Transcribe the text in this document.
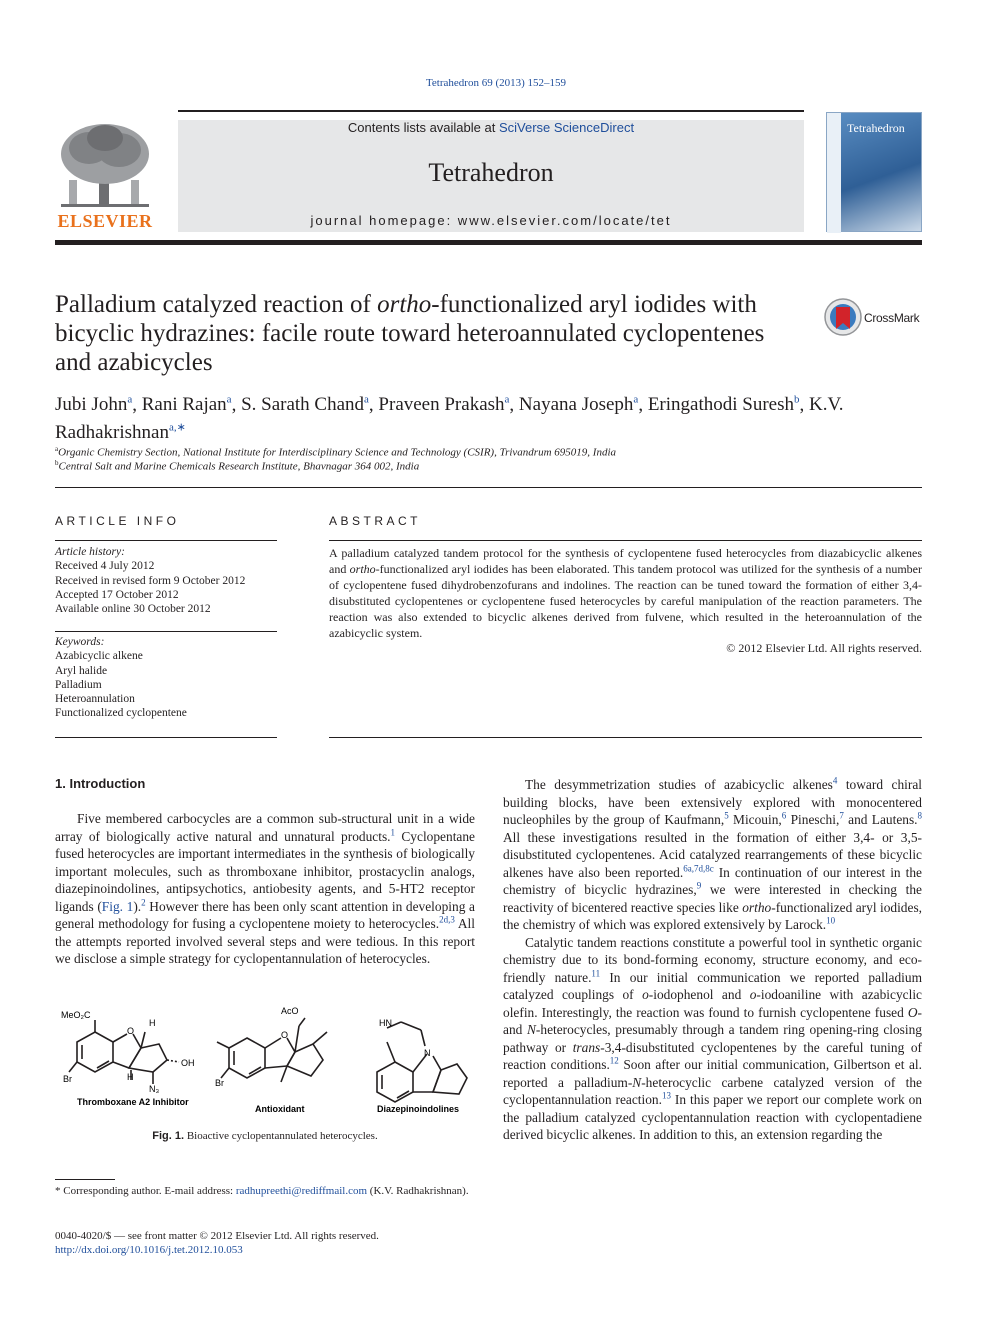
Tetrahedron 69 (2013) 152–159
ELSEVIER
Contents lists available at SciVerse ScienceDirect
Tetrahedron
journal homepage: www.elsevier.com/locate/tet
Tetrahedron
Palladium catalyzed reaction of ortho-functionalized aryl iodides with bicyclic hydrazines: facile route toward heteroannulated cyclopentenes and azabicycles
CrossMark
Jubi John$^a$, Rani Rajan$^a$, S. Sarath Chand$^a$, Praveen Prakash$^a$, Nayana Joseph$^a$, Eringathodi Suresh$^b$, K.V. Radhakrishnan$^{a,∗}$
$^a$Organic Chemistry Section, National Institute for Interdisciplinary Science and Technology (CSIR), Trivandrum 695019, India
$^b$Central Salt and Marine Chemicals Research Institute, Bhavnagar 364 002, India
ARTICLE INFO
Article history:
Received 4 July 2012
Received in revised form 9 October 2012
Accepted 17 October 2012
Available online 30 October 2012
Keywords:
Azabicyclic alkene
Aryl halide
Palladium
Heteroannulation
Functionalized cyclopentene
ABSTRACT
A palladium catalyzed tandem protocol for the synthesis of cyclopentene fused heterocycles from diazabicyclic alkenes and ortho-functionalized aryl iodides has been elaborated. This tandem protocol was utilized for the synthesis of a number of cyclopentene fused dihydrobenzofurans and indolines. The reaction can be tuned toward the formation of either 3,4-disubstituted cyclopentenes or cyclopentene fused heterocycles by careful manipulation of the reaction parameters. The reaction was also extended to bicyclic alkenes derived from fulvene, which resulted in the heteroannulation of the azabicyclic system.
© 2012 Elsevier Ltd. All rights reserved.
1. Introduction

Five membered carbocycles are a common sub-structural unit in a wide array of biologically active natural and unnatural products.$^1$ Cyclopentane fused heterocycles are important intermediates in the synthesis of biologically important molecules, such as thromboxane inhibitor, prostacyclin analogs, diazepinoindolines, antipsychotics, antiobesity agents, and 5-HT2 receptor ligands (Fig. 1).$^2$ However there has been only scant attention in developing a general methodology for fusing a cyclopentene moiety to heterocycles.$^{2d,3}$ All the attempts reported involved several steps and were tedious. In this report we disclose a simple strategy for cyclopentannulation of heterocycles.

The desymmetrization studies of azabicyclic alkenes$^4$ toward chiral building blocks, have been extensively explored with monocentered nucleophiles by the group of Kaufmann,$^5$ Micouin,$^6$ Pineschi,$^7$ and Lautens.$^8$ All these investigations resulted in the formation of either 3,4- or 3,5-disubstituted cyclopentenes. Acid catalyzed rearrangements of these bicyclic alkenes have also been reported.$^{6a,7d,8c}$ In continuation of our interest in the chemistry of bicyclic hydrazines,$^9$ we were interested in checking the reactivity of bicentered reactive species like ortho-functionalized aryl iodides, the chemistry of which was explored extensively by Larock.$^{10}$

Catalytic tandem reactions constitute a powerful tool in synthetic organic chemistry due to its bond-forming economy, structure economy, and eco-friendly nature.$^{11}$ In our initial communication we reported palladium catalyzed couplings of o-iodophenol and o-iodoaniline with azabicyclic olefin. Interestingly, the reaction was found to furnish cyclopentene fused O- and N-heterocycles, presumably through a tandem ring opening-ring closing pathway or trans-3,4-disubstituted cyclopentenes by the careful tuning of reaction conditions.$^{12}$ Soon after our initial communication, Gilbertson et al. reported a palladium-N-heterocyclic carbene catalyzed version of the cyclopentannulation reaction.$^{13}$ In this paper we report our complete work on the palladium catalyzed cyclopentannulation reaction with cyclopentadiene derived bicyclic alkenes. In addition to this, an extension regarding the

MeO₂C
O
H
OH
Br	H
N₃
Thromboxane A2 Inhibitor
AcO
O
Br
Antioxidant
HN
N
Diazepinoindolines
Fig. 1. Bioactive cyclopentannulated heterocycles.
* Corresponding author. E-mail address: radhupreethi@rediffmail.com (K.V. Radhakrishnan).
0040-4020/$ — see front matter © 2012 Elsevier Ltd. All rights reserved.
http://dx.doi.org/10.1016/j.tet.2012.10.053
